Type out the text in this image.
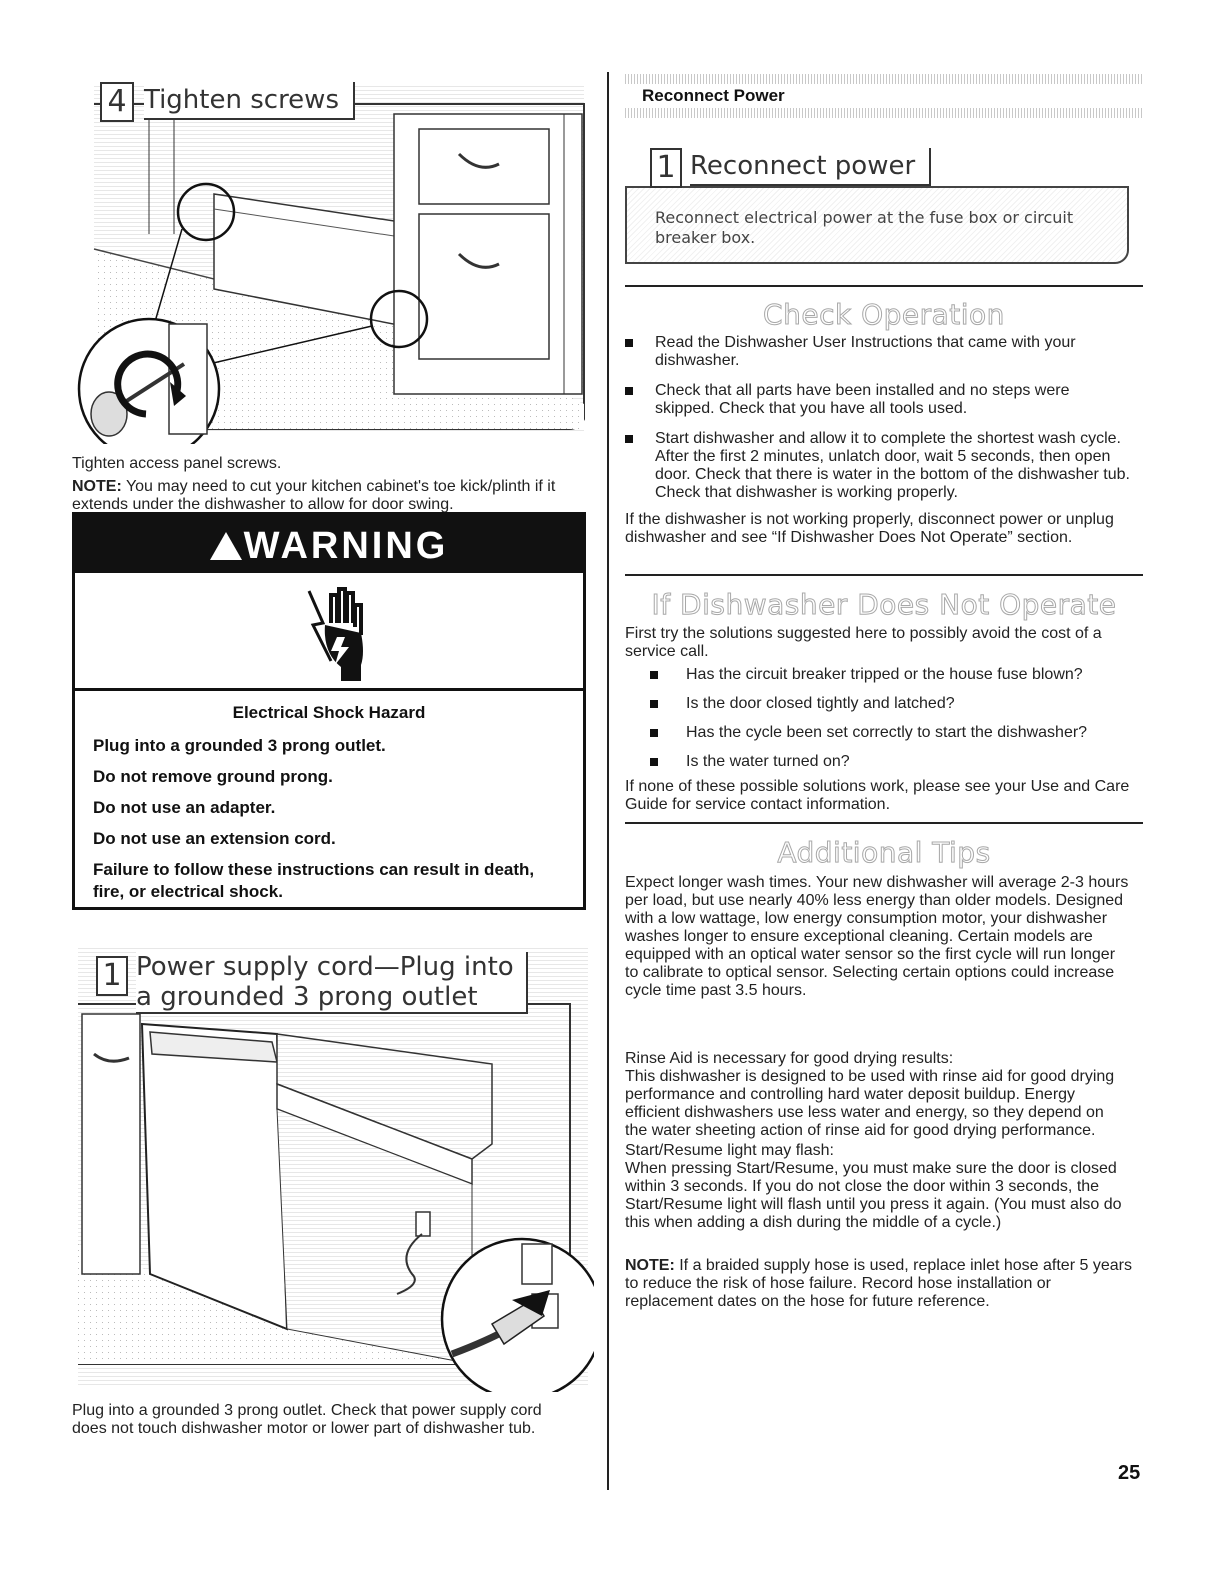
4 Tighten screws
Tighten access panel screws.
NOTE: You may need to cut your kitchen cabinet's toe kick/plinth if it extends under the dishwasher to allow for door swing.
WARNING
Electrical Shock Hazard
Plug into a grounded 3 prong outlet.
Do not remove ground prong.
Do not use an adapter.
Do not use an extension cord.
Failure to follow these instructions can result in death, fire, or electrical shock.
1 Power supply cord—Plug into
a grounded 3 prong outlet
Plug into a grounded 3 prong outlet. Check that power supply cord does not touch dishwasher motor or lower part of dishwasher tub.
Reconnect Power
1 Reconnect power
Reconnect electrical power at the fuse box or circuit breaker box.
Check Operation
Read the Dishwasher User Instructions that came with your dishwasher.
Check that all parts have been installed and no steps were skipped. Check that you have all tools used.
Start dishwasher and allow it to complete the shortest wash cycle. After the first 2 minutes, unlatch door, wait 5 seconds, then open door. Check that there is water in the bottom of the dishwasher tub. Check that dishwasher is working properly.
If the dishwasher is not working properly, disconnect power or unplug dishwasher and see “If Dishwasher Does Not Operate” section.
If Dishwasher Does Not Operate
First try the solutions suggested here to possibly avoid the cost of a service call.
Has the circuit breaker tripped or the house fuse blown?
Is the door closed tightly and latched?
Has the cycle been set correctly to start the dishwasher?
Is the water turned on?
If none of these possible solutions work, please see your Use and Care Guide for service contact information.
Additional Tips
Expect longer wash times. Your new dishwasher will average 2-3 hours per load, but use nearly 40% less energy than older models. Designed with a low wattage, low energy consumption motor, your dishwasher washes longer to ensure exceptional cleaning. Certain models are equipped with an optical water sensor so the first cycle will run longer to calibrate to optical sensor. Selecting certain options could increase cycle time past 3.5 hours.
Rinse Aid is necessary for good drying results:
This dishwasher is designed to be used with rinse aid for good drying performance and controlling hard water deposit buildup. Energy efficient dishwashers use less water and energy, so they depend on the water sheeting action of rinse aid for good drying performance.
Start/Resume light may flash:
When pressing Start/Resume, you must make sure the door is closed within 3 seconds. If you do not close the door within 3 seconds, the Start/Resume light will flash until you press it again. (You must also do this when adding a dish during the middle of a cycle.)
NOTE: If a braided supply hose is used, replace inlet hose after 5 years to reduce the risk of hose failure. Record hose installation or replacement dates on the hose for future reference.
25
